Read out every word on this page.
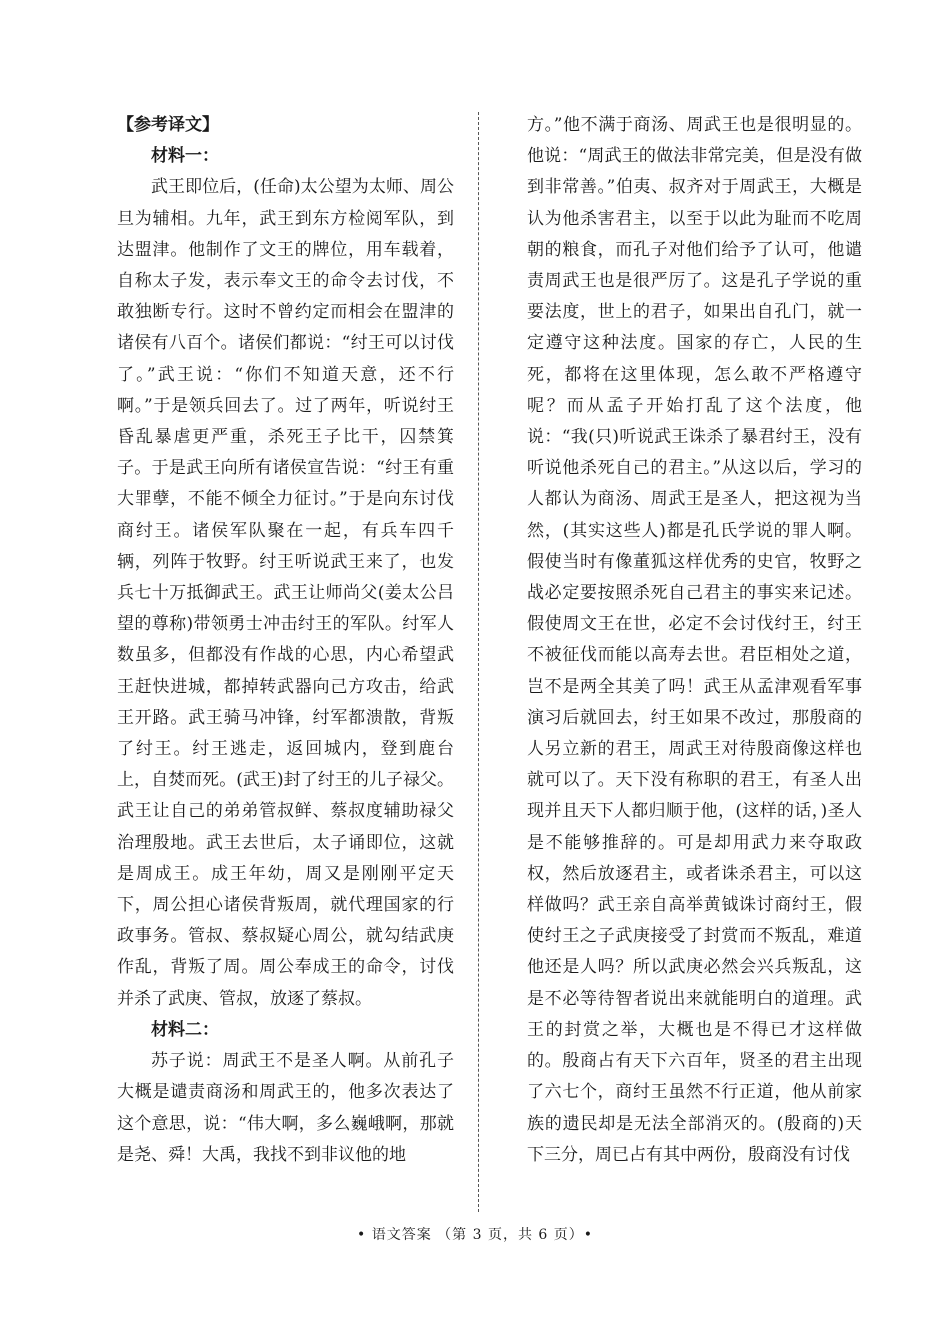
【参考译文】

材料一：

武王即位后，(任命)太公望为太师、周公旦为辅相。九年，武王到东方检阅军队，到达盟津。他制作了文王的牌位，用车载着，自称太子发，表示奉文王的命令去讨伐，不敢独断专行。这时不曾约定而相会在盟津的诸侯有八百个。诸侯们都说：“纣王可以讨伐了。”武王说：“你们不知道天意，还不行啊。”于是领兵回去了。过了两年，听说纣王昏乱暴虐更严重，杀死王子比干，囚禁箕子。于是武王向所有诸侯宣告说：“纣王有重大罪孽，不能不倾全力征讨。”于是向东讨伐商纣王。诸侯军队聚在一起，有兵车四千辆，列阵于牧野。纣王听说武王来了，也发兵七十万抵御武王。武王让师尚父(姜太公吕望的尊称)带领勇士冲击纣王的军队。纣军人数虽多，但都没有作战的心思，内心希望武王赶快进城，都掉转武器向己方攻击，给武王开路。武王骑马冲锋，纣军都溃散，背叛了纣王。纣王逃走，返回城内，登到鹿台上，自焚而死。(武王)封了纣王的儿子禄父。武王让自己的弟弟管叔鲜、蔡叔度辅助禄父治理殷地。武王去世后，太子诵即位，这就是周成王。成王年幼，周又是刚刚平定天下，周公担心诸侯背叛周，就代理国家的行政事务。管叔、蔡叔疑心周公，就勾结武庚作乱，背叛了周。周公奉成王的命令，讨伐并杀了武庚、管叔，放逐了蔡叔。

材料二：

苏子说：周武王不是圣人啊。从前孔子大概是谴责商汤和周武王的，他多次表达了这个意思，说：“伟大啊，多么巍峨啊，那就是尧、舜！大禹，我找不到非议他的地

方。”他不满于商汤、周武王也是很明显的。他说：“周武王的做法非常完美，但是没有做到非常善。”伯夷、叔齐对于周武王，大概是认为他杀害君主，以至于以此为耻而不吃周朝的粮食，而孔子对他们给予了认可，他谴责周武王也是很严厉了。这是孔子学说的重要法度，世上的君子，如果出自孔门，就一定遵守这种法度。国家的存亡，人民的生死，都将在这里体现，怎么敢不严格遵守呢？而从孟子开始打乱了这个法度，他说：“我(只)听说武王诛杀了暴君纣王，没有听说他杀死自己的君主。”从这以后，学习的人都认为商汤、周武王是圣人，把这视为当然，(其实这些人)都是孔氏学说的罪人啊。假使当时有像董狐这样优秀的史官，牧野之战必定要按照杀死自己君主的事实来记述。假使周文王在世，必定不会讨伐纣王，纣王不被征伐而能以高寿去世。君臣相处之道，岂不是两全其美了吗！武王从孟津观看军事演习后就回去，纣王如果不改过，那殷商的人另立新的君王，周武王对待殷商像这样也就可以了。天下没有称职的君王，有圣人出现并且天下人都归顺于他，(这样的话，)圣人是不能够推辞的。可是却用武力来夺取政权，然后放逐君主，或者诛杀君主，可以这样做吗？武王亲自高举黄钺诛讨商纣王，假使纣王之子武庚接受了封赏而不叛乱，难道他还是人吗？所以武庚必然会兴兵叛乱，这是不必等待智者说出来就能明白的道理。武王的封赏之举，大概也是不得已才这样做的。殷商占有天下六百年，贤圣的君主出现了六七个，商纣王虽然不行正道，他从前家族的遗民却是无法全部消灭的。(殷商的)天下三分，周已占有其中两份，殷商没有讨伐

• 语文答案 （第 3 页，共 6 页）•
